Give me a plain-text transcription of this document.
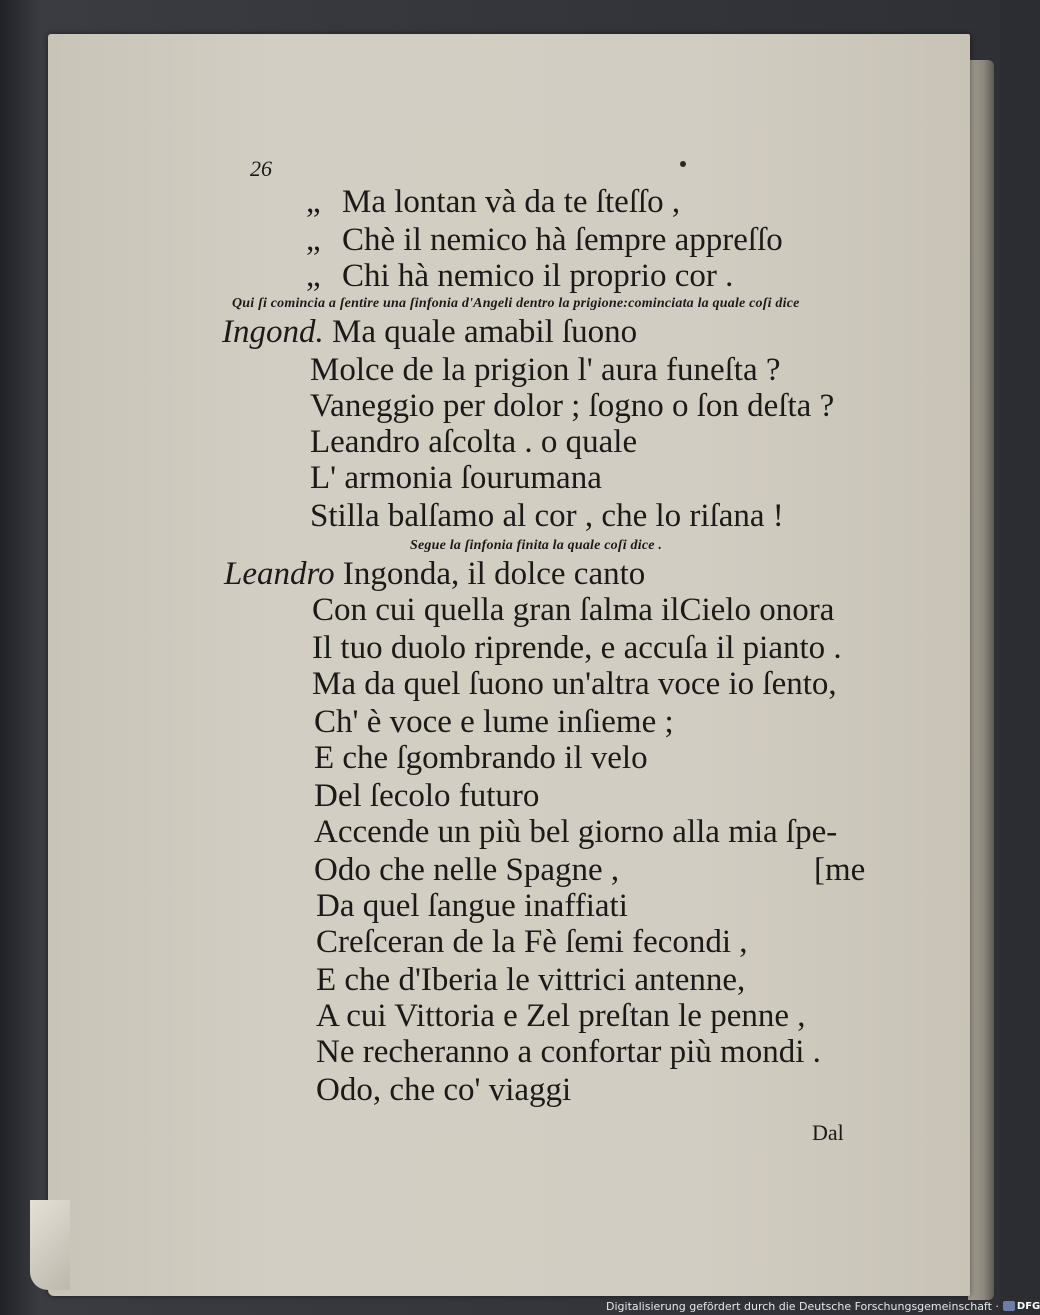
26
„ Ma lontan và da te ſteſſo ,
„ Chè il nemico hà ſempre appreſſo
„ Chi hà nemico il proprio cor .
Qui ſi comincia a ſentire una ſinfonia d'Angeli dentro la prigione:cominciata la quale coſi dice
Ingond. Ma quale amabil ſuono
Molce de la prigion l' aura funeſta ?
Vaneggio per dolor ; ſogno o ſon deſta ?
Leandro aſcolta . o quale
L' armonia ſourumana
Stilla balſamo al cor , che lo riſana !
Segue la ſinfonia finita la quale coſi dice .
Leandro Ingonda, il dolce canto
Con cui quella gran ſalma ilCielo onora
Il tuo duolo riprende, e accuſa il pianto .
Ma da quel ſuono un'altra voce io ſento,
Ch' è voce e lume inſieme ;
E che ſgombrando il velo
Del ſecolo futuro
Accende un più bel giorno alla mia ſpe-
Odo che nelle Spagne ,	[me
Da quel ſangue inaffiati
Creſceran de la Fè ſemi fecondi ,
E che d'Iberia le vittrici antenne,
A cui Vittoria e Zel preſtan le penne ,
Ne recheranno a confortar più mondi .
Odo, che co' viaggi
Dal
Digitalisierung gefördert durch die Deutsche Forschungsgemeinschaft · DFG
